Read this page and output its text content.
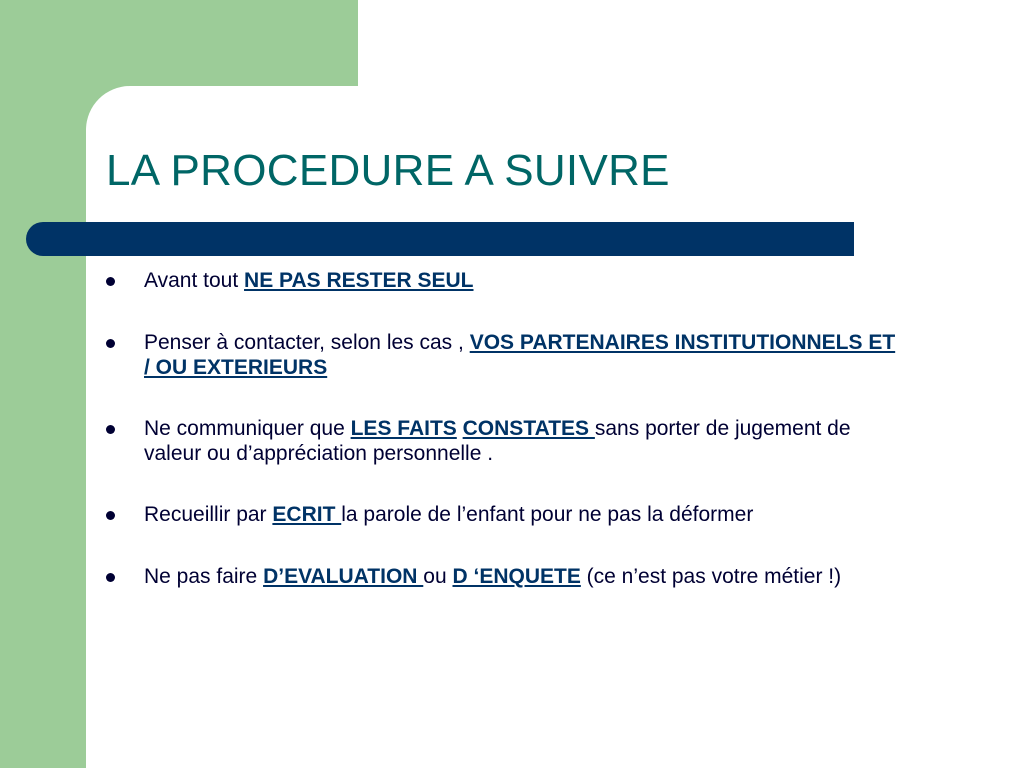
LA PROCEDURE A SUIVRE
Avant tout NE PAS RESTER SEUL
Penser à contacter, selon les cas , VOS PARTENAIRES INSTITUTIONNELS ET / OU EXTERIEURS
Ne communiquer que LES FAITS CONSTATES sans porter de jugement de valeur ou d’appréciation personnelle .
Recueillir par ECRIT la parole de l’enfant pour ne pas la déformer
Ne pas faire D’EVALUATION ou D ‘ENQUETE (ce n’est pas votre métier !)
